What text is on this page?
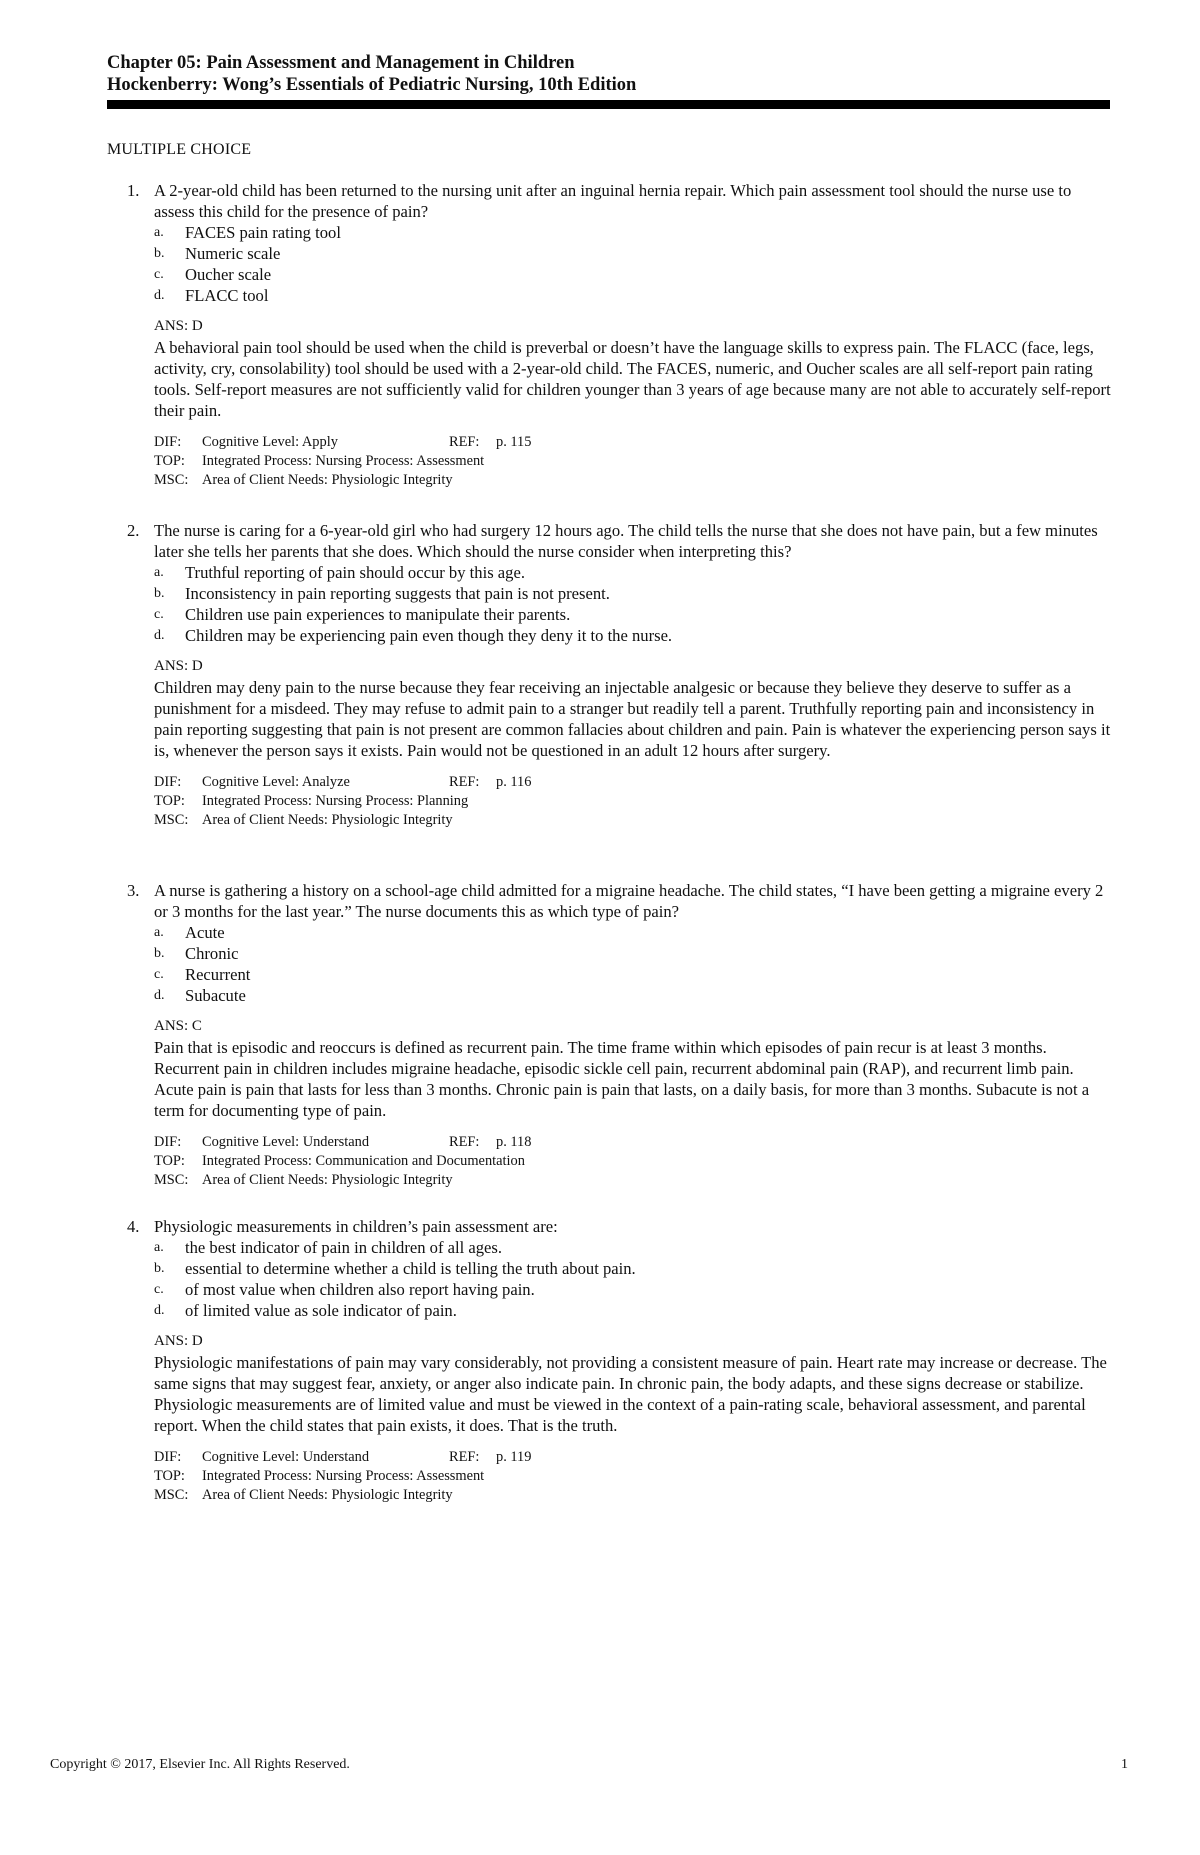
Chapter 05: Pain Assessment and Management in Children
Hockenberry: Wong’s Essentials of Pediatric Nursing, 10th Edition
MULTIPLE CHOICE
1. A 2-year-old child has been returned to the nursing unit after an inguinal hernia repair. Which pain assessment tool should the nurse use to assess this child for the presence of pain?

a.	FACES pain rating tool
b.	Numeric scale
c.	Oucher scale
d.	FLACC tool
ANS: D

A behavioral pain tool should be used when the child is preverbal or doesn’t have the language skills to express pain. The FLACC (face, legs, activity, cry, consolability) tool should be used with a 2-year-old child. The FACES, numeric, and Oucher scales are all self-report pain rating tools. Self-report measures are not sufficiently valid for children younger than 3 years of age because many are not able to accurately self-report their pain.

DIF:	Cognitive Level: Apply	REF:	p. 115
TOP:	Integrated Process: Nursing Process: Assessment
MSC: Area of Client Needs: Physiologic Integrity
2. The nurse is caring for a 6-year-old girl who had surgery 12 hours ago. The child tells the nurse that she does not have pain, but a few minutes later she tells her parents that she does. Which should the nurse consider when interpreting this?

a.	Truthful reporting of pain should occur by this age.
b.	Inconsistency in pain reporting suggests that pain is not present.
c.	Children use pain experiences to manipulate their parents.
d.	Children may be experiencing pain even though they deny it to the nurse.
ANS: D

Children may deny pain to the nurse because they fear receiving an injectable analgesic or because they believe they deserve to suffer as a punishment for a misdeed. They may refuse to admit pain to a stranger but readily tell a parent. Truthfully reporting pain and inconsistency in pain reporting suggesting that pain is not present are common fallacies about children and pain. Pain is whatever the experiencing person says it is, whenever the person says it exists. Pain would not be questioned in an adult 12 hours after surgery.

DIF:	Cognitive Level: Analyze	REF:	p. 116
TOP:	Integrated Process: Nursing Process: Planning
MSC: Area of Client Needs: Physiologic Integrity
3. A nurse is gathering a history on a school-age child admitted for a migraine headache. The child states, “I have been getting a migraine every 2 or 3 months for the last year.” The nurse documents this as which type of pain?

a.	Acute
b.	Chronic
c.	Recurrent
d.	Subacute
ANS: C

Pain that is episodic and reoccurs is defined as recurrent pain. The time frame within which episodes of pain recur is at least 3 months. Recurrent pain in children includes migraine headache, episodic sickle cell pain, recurrent abdominal pain (RAP), and recurrent limb pain. Acute pain is pain that lasts for less than 3 months. Chronic pain is pain that lasts, on a daily basis, for more than 3 months. Subacute is not a term for documenting type of pain.

DIF:	Cognitive Level: Understand	REF:	p. 118
TOP:	Integrated Process: Communication and Documentation
MSC: Area of Client Needs: Physiologic Integrity
4. Physiologic measurements in children’s pain assessment are:

a.	the best indicator of pain in children of all ages.
b.	essential to determine whether a child is telling the truth about pain.
c.	of most value when children also report having pain.
d.	of limited value as sole indicator of pain.
ANS: D

Physiologic manifestations of pain may vary considerably, not providing a consistent measure of pain. Heart rate may increase or decrease. The same signs that may suggest fear, anxiety, or anger also indicate pain. In chronic pain, the body adapts, and these signs decrease or stabilize. Physiologic measurements are of limited value and must be viewed in the context of a pain-rating scale, behavioral assessment, and parental report. When the child states that pain exists, it does. That is the truth.

DIF:	Cognitive Level: Understand	REF:	p. 119
TOP:	Integrated Process: Nursing Process: Assessment
MSC: Area of Client Needs: Physiologic Integrity
Copyright © 2017, Elsevier Inc. All Rights Reserved.	1
